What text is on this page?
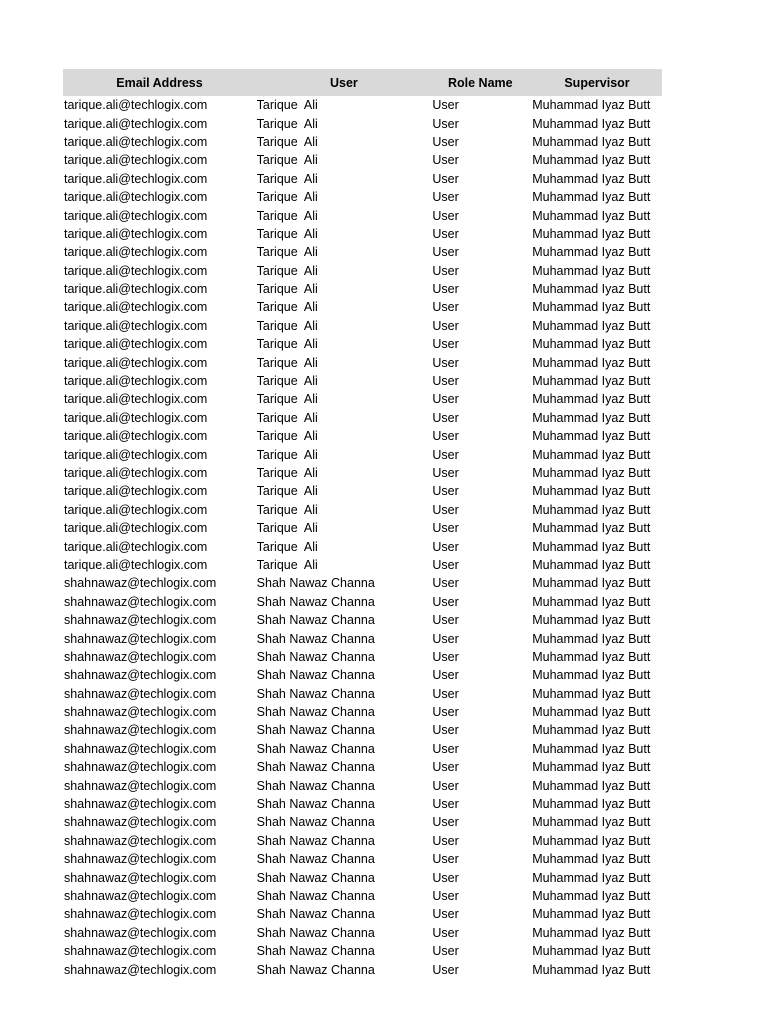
Email Address	User	Role Name	Supervisor
tarique.ali@techlogix.com	Tarique  Ali	User	Muhammad Iyaz Butt
tarique.ali@techlogix.com	Tarique  Ali	User	Muhammad Iyaz Butt
tarique.ali@techlogix.com	Tarique  Ali	User	Muhammad Iyaz Butt
tarique.ali@techlogix.com	Tarique  Ali	User	Muhammad Iyaz Butt
tarique.ali@techlogix.com	Tarique  Ali	User	Muhammad Iyaz Butt
tarique.ali@techlogix.com	Tarique  Ali	User	Muhammad Iyaz Butt
tarique.ali@techlogix.com	Tarique  Ali	User	Muhammad Iyaz Butt
tarique.ali@techlogix.com	Tarique  Ali	User	Muhammad Iyaz Butt
tarique.ali@techlogix.com	Tarique  Ali	User	Muhammad Iyaz Butt
tarique.ali@techlogix.com	Tarique  Ali	User	Muhammad Iyaz Butt
tarique.ali@techlogix.com	Tarique  Ali	User	Muhammad Iyaz Butt
tarique.ali@techlogix.com	Tarique  Ali	User	Muhammad Iyaz Butt
tarique.ali@techlogix.com	Tarique  Ali	User	Muhammad Iyaz Butt
tarique.ali@techlogix.com	Tarique  Ali	User	Muhammad Iyaz Butt
tarique.ali@techlogix.com	Tarique  Ali	User	Muhammad Iyaz Butt
tarique.ali@techlogix.com	Tarique  Ali	User	Muhammad Iyaz Butt
tarique.ali@techlogix.com	Tarique  Ali	User	Muhammad Iyaz Butt
tarique.ali@techlogix.com	Tarique  Ali	User	Muhammad Iyaz Butt
tarique.ali@techlogix.com	Tarique  Ali	User	Muhammad Iyaz Butt
tarique.ali@techlogix.com	Tarique  Ali	User	Muhammad Iyaz Butt
tarique.ali@techlogix.com	Tarique  Ali	User	Muhammad Iyaz Butt
tarique.ali@techlogix.com	Tarique  Ali	User	Muhammad Iyaz Butt
tarique.ali@techlogix.com	Tarique  Ali	User	Muhammad Iyaz Butt
tarique.ali@techlogix.com	Tarique  Ali	User	Muhammad Iyaz Butt
tarique.ali@techlogix.com	Tarique  Ali	User	Muhammad Iyaz Butt
tarique.ali@techlogix.com	Tarique  Ali	User	Muhammad Iyaz Butt
shahnawaz@techlogix.com	Shah Nawaz Channa	User	Muhammad Iyaz Butt
shahnawaz@techlogix.com	Shah Nawaz Channa	User	Muhammad Iyaz Butt
shahnawaz@techlogix.com	Shah Nawaz Channa	User	Muhammad Iyaz Butt
shahnawaz@techlogix.com	Shah Nawaz Channa	User	Muhammad Iyaz Butt
shahnawaz@techlogix.com	Shah Nawaz Channa	User	Muhammad Iyaz Butt
shahnawaz@techlogix.com	Shah Nawaz Channa	User	Muhammad Iyaz Butt
shahnawaz@techlogix.com	Shah Nawaz Channa	User	Muhammad Iyaz Butt
shahnawaz@techlogix.com	Shah Nawaz Channa	User	Muhammad Iyaz Butt
shahnawaz@techlogix.com	Shah Nawaz Channa	User	Muhammad Iyaz Butt
shahnawaz@techlogix.com	Shah Nawaz Channa	User	Muhammad Iyaz Butt
shahnawaz@techlogix.com	Shah Nawaz Channa	User	Muhammad Iyaz Butt
shahnawaz@techlogix.com	Shah Nawaz Channa	User	Muhammad Iyaz Butt
shahnawaz@techlogix.com	Shah Nawaz Channa	User	Muhammad Iyaz Butt
shahnawaz@techlogix.com	Shah Nawaz Channa	User	Muhammad Iyaz Butt
shahnawaz@techlogix.com	Shah Nawaz Channa	User	Muhammad Iyaz Butt
shahnawaz@techlogix.com	Shah Nawaz Channa	User	Muhammad Iyaz Butt
shahnawaz@techlogix.com	Shah Nawaz Channa	User	Muhammad Iyaz Butt
shahnawaz@techlogix.com	Shah Nawaz Channa	User	Muhammad Iyaz Butt
shahnawaz@techlogix.com	Shah Nawaz Channa	User	Muhammad Iyaz Butt
shahnawaz@techlogix.com	Shah Nawaz Channa	User	Muhammad Iyaz Butt
shahnawaz@techlogix.com	Shah Nawaz Channa	User	Muhammad Iyaz Butt
shahnawaz@techlogix.com	Shah Nawaz Channa	User	Muhammad Iyaz Butt
